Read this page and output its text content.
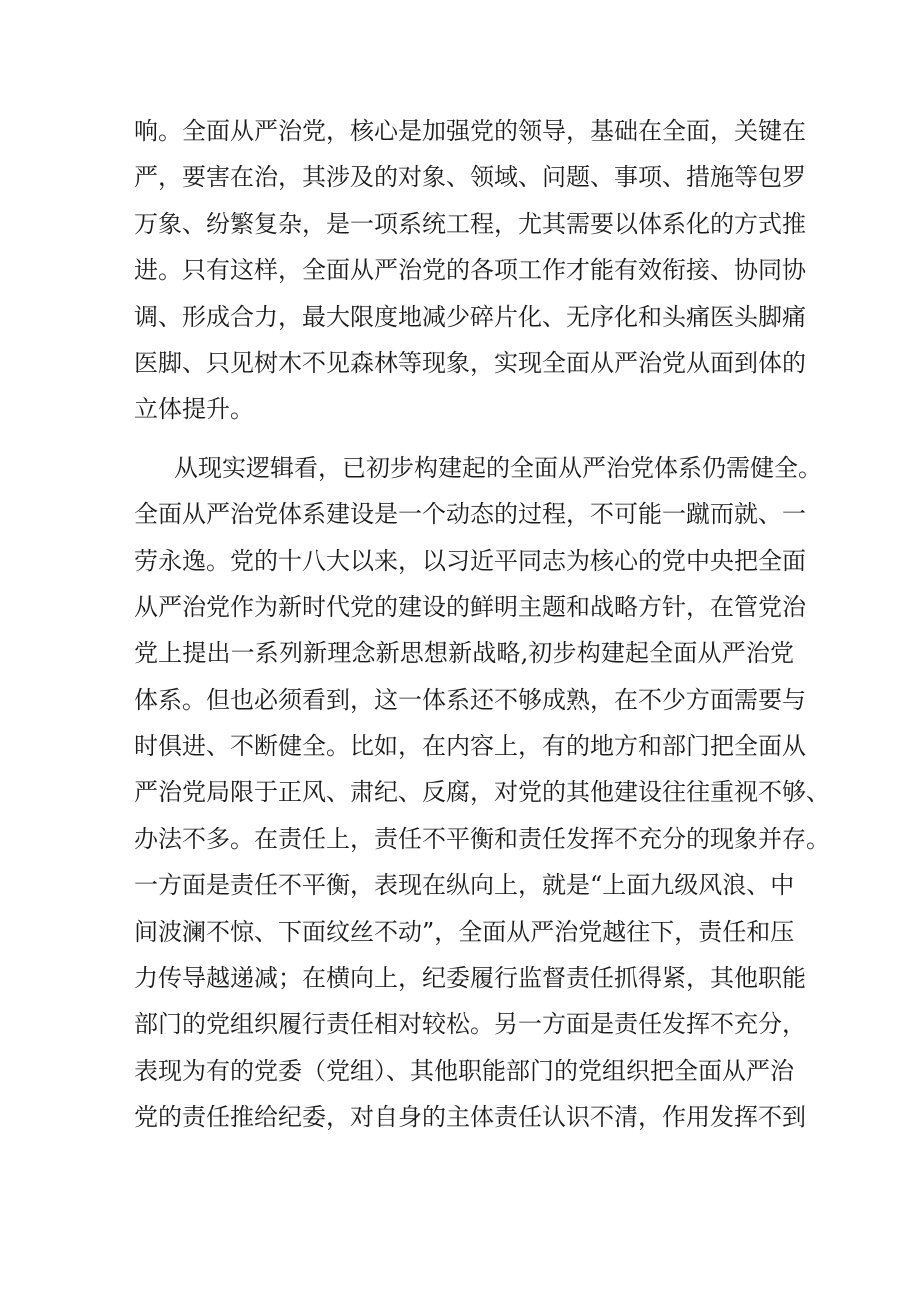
响。全面从严治党，核心是加强党的领导，基础在全面，关键在
严，要害在治，其涉及的对象、领域、问题、事项、措施等包罗
万象、纷繁复杂，是一项系统工程，尤其需要以体系化的方式推
进。只有这样，全面从严治党的各项工作才能有效衔接、协同协
调、形成合力，最大限度地减少碎片化、无序化和头痛医头脚痛
医脚、只见树木不见森林等现象，实现全面从严治党从面到体的
立体提升。
从现实逻辑看，已初步构建起的全面从严治党体系仍需健全。
全面从严治党体系建设是一个动态的过程，不可能一蹴而就、一
劳永逸。党的十八大以来，以习近平同志为核心的党中央把全面
从严治党作为新时代党的建设的鲜明主题和战略方针，在管党治
党上提出一系列新理念新思想新战略,初步构建起全面从严治党
体系。但也必须看到，这一体系还不够成熟，在不少方面需要与
时俱进、不断健全。比如，在内容上，有的地方和部门把全面从
严治党局限于正风、肃纪、反腐，对党的其他建设往往重视不够、
办法不多。在责任上，责任不平衡和责任发挥不充分的现象并存。
一方面是责任不平衡，表现在纵向上，就是“上面九级风浪、中
间波澜不惊、下面纹丝不动”，全面从严治党越往下，责任和压
力传导越递减；在横向上，纪委履行监督责任抓得紧，其他职能
部门的党组织履行责任相对较松。另一方面是责任发挥不充分，
表现为有的党委（党组）、其他职能部门的党组织把全面从严治
党的责任推给纪委，对自身的主体责任认识不清，作用发挥不到
